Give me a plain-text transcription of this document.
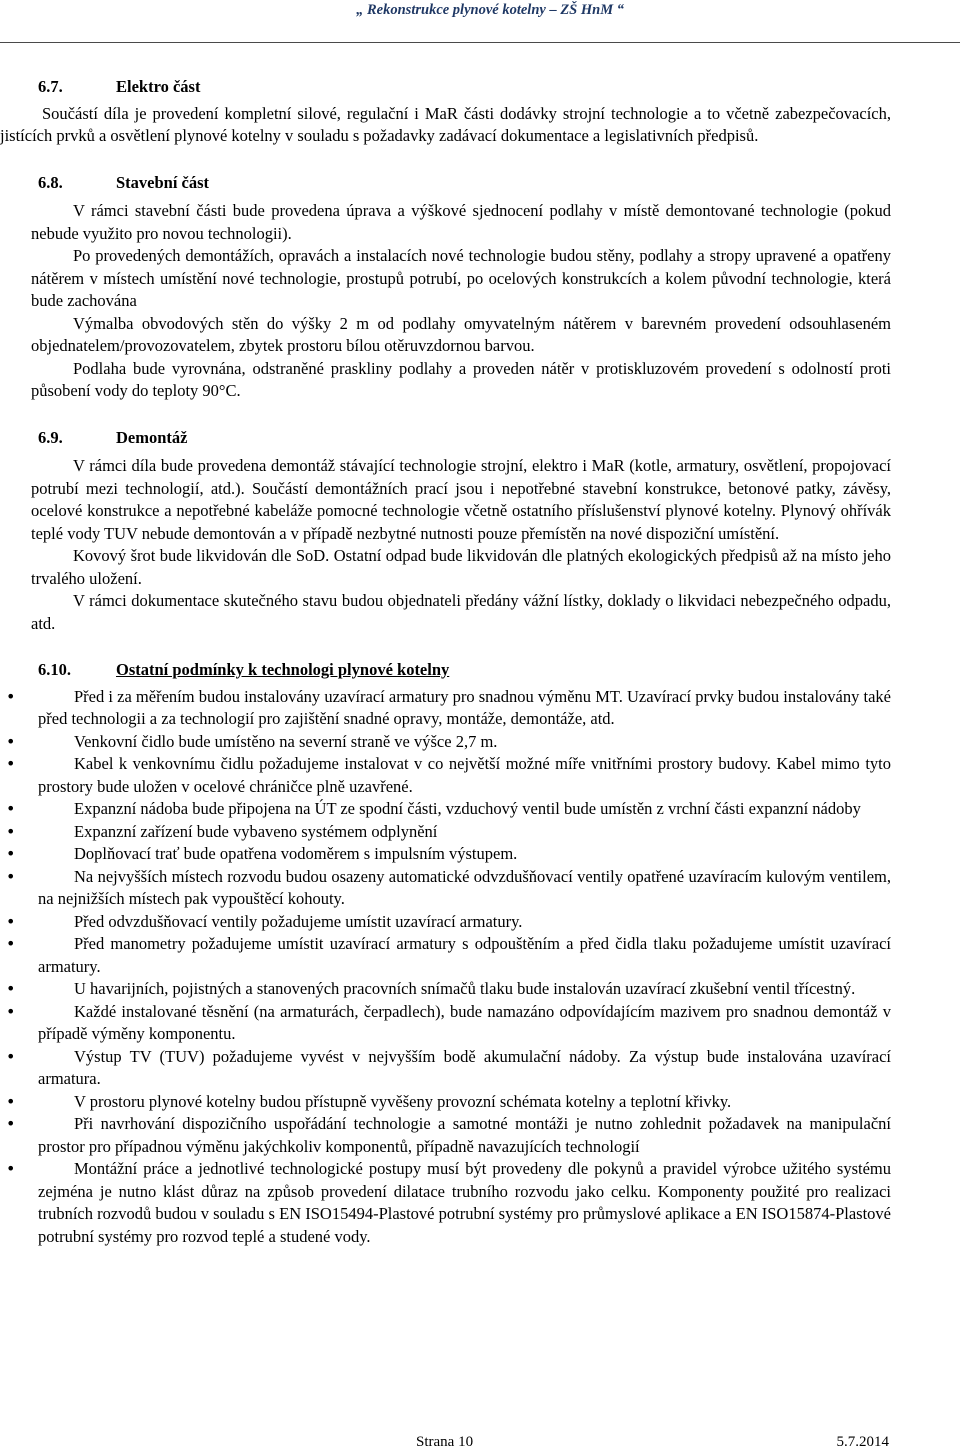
„ Rekonstrukce plynové kotelny – ZŠ HnM “
6.7.	Elektro část

Součástí díla je provedení kompletní silové, regulační i MaR části dodávky strojní technologie a to včetně zabezpečovacích, jistících prvků a osvětlení plynové kotelny v souladu s požadavky zadávací dokumentace a legislativních předpisů.

6.8.	Stavební část

V rámci stavební části bude provedena úprava a výškové sjednocení podlahy v místě demontované technologie (pokud nebude využito pro novou technologii).

Po provedených demontážích, opravách a instalacích nové technologie budou stěny, podlahy a stropy upravené a opatřeny nátěrem v místech umístění nové technologie, prostupů potrubí, po ocelových konstrukcích a kolem původní technologie, která bude zachována

Výmalba obvodových stěn do výšky 2 m od podlahy omyvatelným nátěrem v barevném provedení odsouhlaseném objednatelem/provozovatelem, zbytek prostoru bílou otěruvzdornou barvou.

Podlaha bude vyrovnána, odstraněné praskliny podlahy a proveden nátěr v protiskluzovém provedení s odolností proti působení vody do teploty 90°C.

6.9.	Demontáž

V rámci díla bude provedena demontáž stávající technologie strojní, elektro i MaR (kotle, armatury, osvětlení, propojovací potrubí mezi technologií, atd.). Součástí demontážních prací jsou i nepotřebné stavební konstrukce, betonové patky, závěsy, ocelové konstrukce a nepotřebné kabeláže pomocné technologie včetně ostatního příslušenství plynové kotelny. Plynový ohřívák teplé vody TUV nebude demontován a v případě nezbytné nutnosti pouze přemístěn na nové dispoziční umístění.

Kovový šrot bude likvidován dle SoD. Ostatní odpad bude likvidován dle platných ekologických předpisů až na místo jeho trvalého uložení.

V rámci dokumentace skutečného stavu budou objednateli předány vážní lístky, doklady o likvidaci nebezpečného odpadu, atd.

6.10.	Ostatní podmínky k technologi plynové kotelny
• Před i za měřením budou instalovány uzavírací armatury pro snadnou výměnu MT. Uzavírací prvky budou instalovány také před technologii a za technologií pro zajištění snadné opravy, montáže, demontáže, atd.
• Venkovní čidlo bude umístěno na severní straně ve výšce 2,7 m.
• Kabel k venkovnímu čidlu požadujeme instalovat v co největší možné míře vnitřními prostory budovy. Kabel mimo tyto prostory bude uložen v ocelové chráničce plně uzavřené.
• Expanzní nádoba bude připojena na ÚT ze spodní části, vzduchový ventil bude umístěn z vrchní části expanzní nádoby
• Expanzní zařízení bude vybaveno systémem odplynění
• Doplňovací trať bude opatřena vodoměrem s impulsním výstupem.
• Na nejvyšších místech rozvodu budou osazeny automatické odvzdušňovací ventily opatřené uzavíracím kulovým ventilem, na nejnižších místech pak vypouštěcí kohouty.
• Před odvzdušňovací ventily požadujeme umístit uzavírací armatury.
• Před manometry požadujeme umístit uzavírací armatury s odpouštěním a před čidla tlaku požadujeme umístit uzavírací armatury.
• U havarijních, pojistných a stanovených pracovních snímačů tlaku bude instalován uzavírací zkušební ventil třícestný.
• Každé instalované těsnění (na armaturách, čerpadlech), bude namazáno odpovídajícím mazivem pro snadnou demontáž v případě výměny komponentu.
• Výstup TV (TUV) požadujeme vyvést v nejvyšším bodě akumulační nádoby. Za výstup bude instalována uzavírací armatura.
• V prostoru plynové kotelny budou přístupně vyvěšeny provozní schémata kotelny a teplotní křivky.
• Při navrhování dispozičního uspořádání technologie a samotné montáži je nutno zohlednit požadavek na manipulační prostor pro případnou výměnu jakýchkoliv komponentů, případně navazujících technologií
• Montážní práce a jednotlivé technologické postupy musí být provedeny dle pokynů a pravidel výrobce užitého systému zejména je nutno klást důraz na způsob provedení dilatace trubního rozvodu jako celku. Komponenty použité pro realizaci trubních rozvodů budou v souladu s EN ISO15494-Plastové potrubní systémy pro průmyslové aplikace a EN ISO15874-Plastové potrubní systémy pro rozvod teplé a studené vody.
Strana 10	5.7.2014
